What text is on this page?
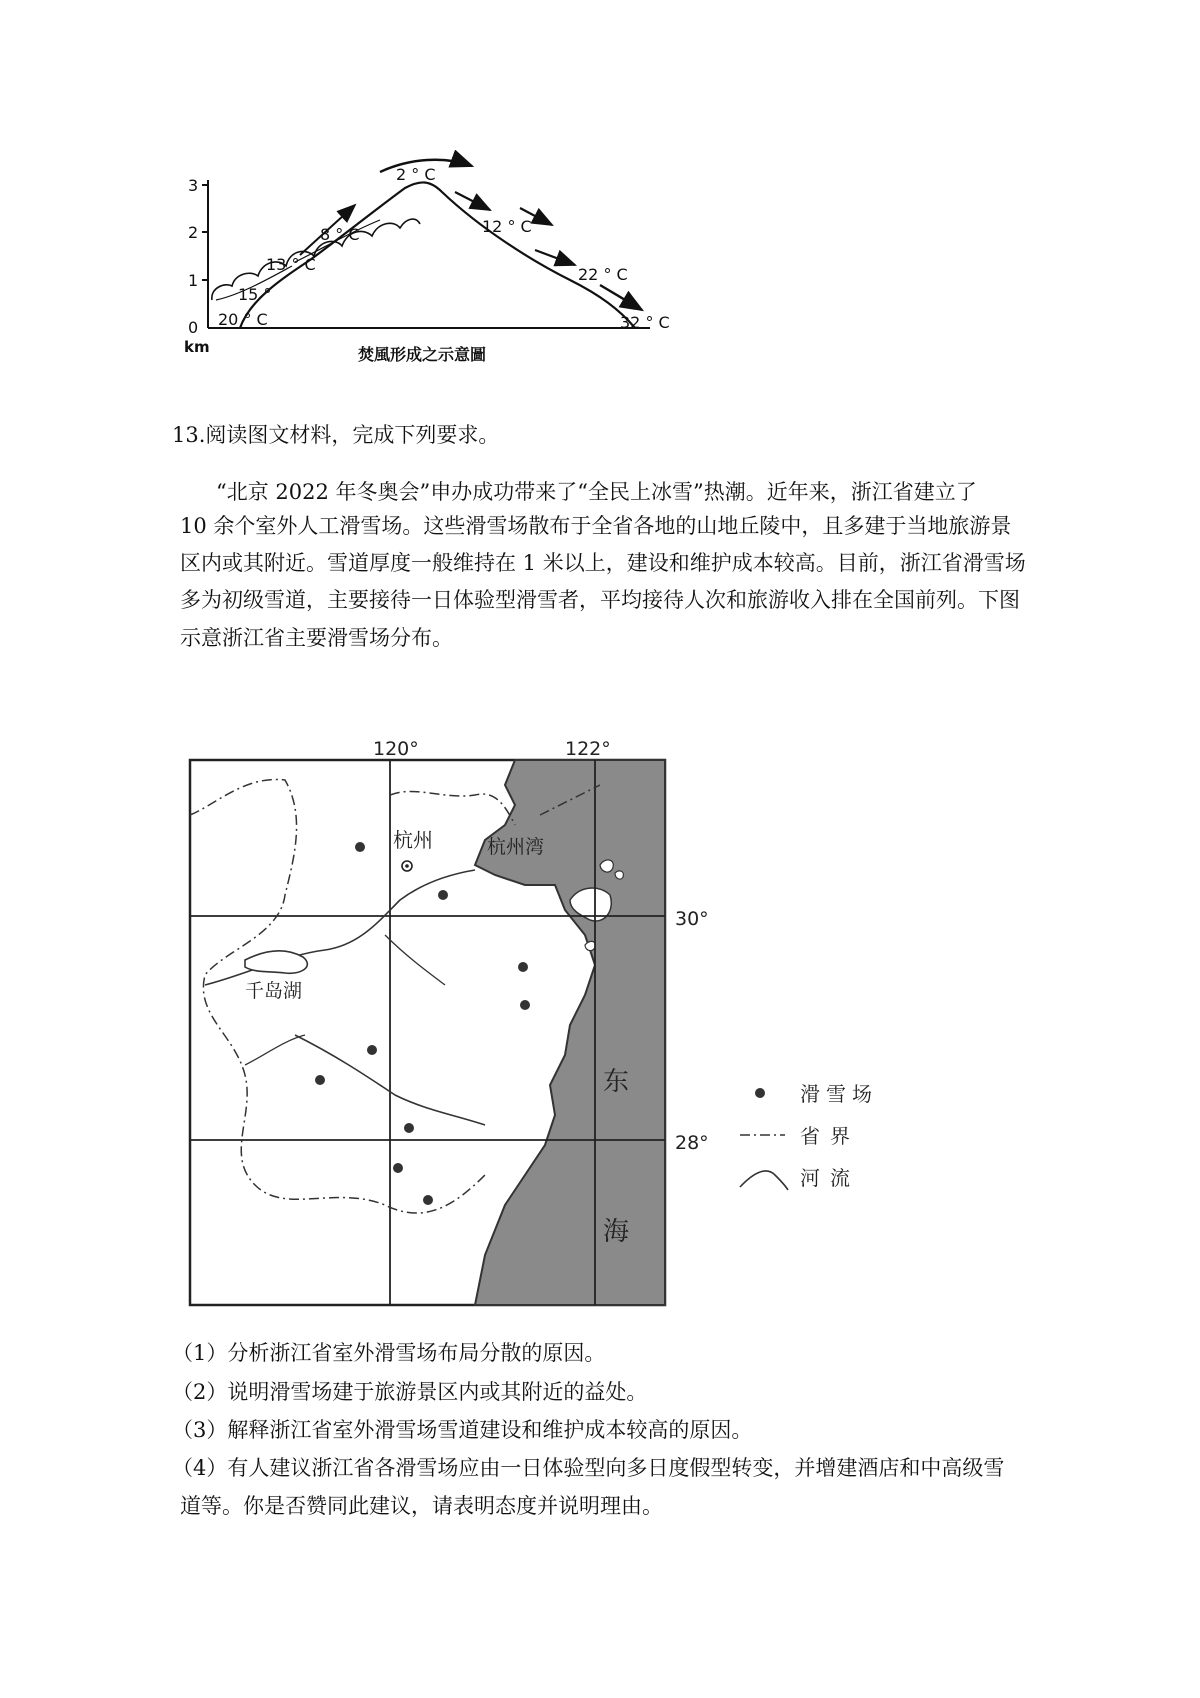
3
2
1
0
km
20 ° C
15 °
13 ° C
8 ° C
2 ° C
12 ° C
22 ° C
32 ° C
焚風形成之示意圖
13.阅读图文材料，完成下列要求。
“北京 2022 年冬奥会”申办成功带来了“全民上冰雪”热潮。近年来，浙江省建立了
10 余个室外人工滑雪场。这些滑雪场散布于全省各地的山地丘陵中，且多建于当地旅游景
区内或其附近。雪道厚度一般维持在 1 米以上，建设和维护成本较高。目前，浙江省滑雪场
多为初级雪道，主要接待一日体验型滑雪者，平均接待人次和旅游收入排在全国前列。下图
示意浙江省主要滑雪场分布。
杭州	杭州湾
千岛湖
东
海
120°	122°
30°
28°
滑雪场
省界
河流
（1）分析浙江省室外滑雪场布局分散的原因。
（2）说明滑雪场建于旅游景区内或其附近的益处。
（3）解释浙江省室外滑雪场雪道建设和维护成本较高的原因。
（4）有人建议浙江省各滑雪场应由一日体验型向多日度假型转变，并增建酒店和中高级雪
道等。你是否赞同此建议，请表明态度并说明理由。
